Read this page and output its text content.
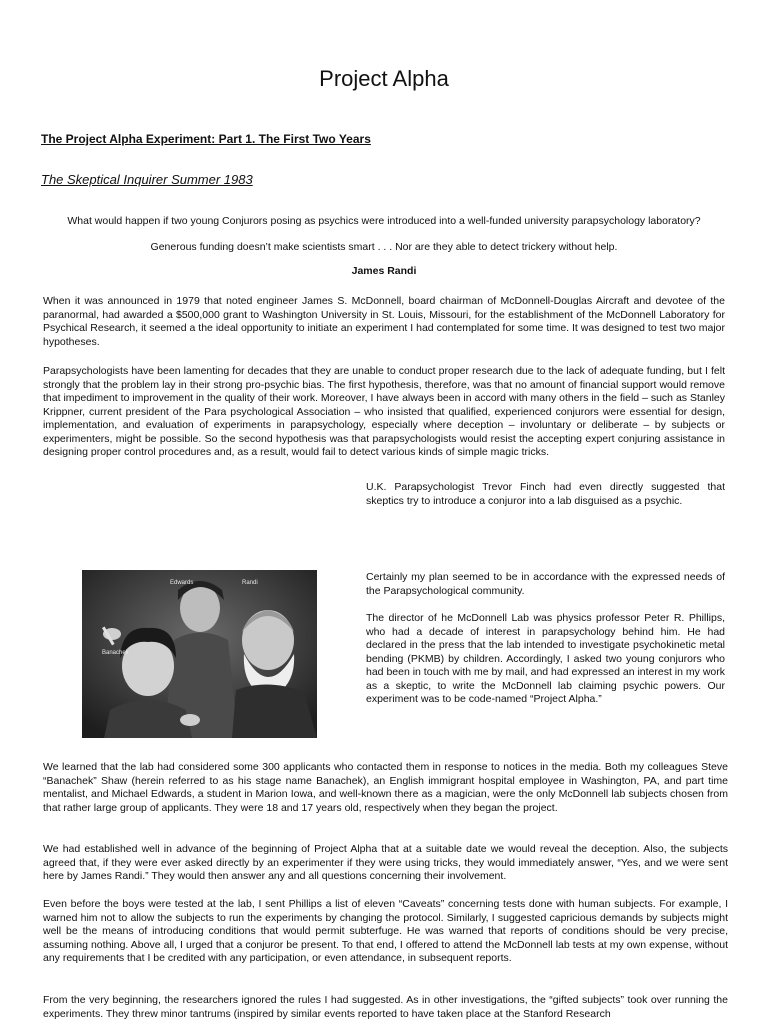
Project Alpha
The Project Alpha Experiment: Part 1. The First Two Years
The Skeptical Inquirer Summer 1983
What would happen if two young Conjurors posing as psychics were introduced into a well-funded university parapsychology laboratory?
Generous funding doesn’t make scientists smart . . . Nor are they able to detect trickery without help.
James Randi

When it was announced in 1979 that noted engineer James S. McDonnell, board chairman of McDonnell-Douglas Aircraft and devotee of the paranormal, had awarded a $500,000 grant to Washington University in St. Louis, Missouri, for the establishment of the McDonnell Laboratory for Psychical Research, it seemed a the ideal opportunity to initiate an experiment I had contemplated for some time. It was designed to test two major hypotheses.

Parapsychologists have been lamenting for decades that they are unable to conduct proper research due to the lack of adequate funding, but I felt strongly that the problem lay in their strong pro-psychic bias. The first hypothesis, therefore, was that no amount of financial support would remove that impediment to improvement in the quality of their work. Moreover, I have always been in accord with many others in the field – such as Stanley Krippner, current president of the Para psychological Association – who insisted that qualified, experienced conjurors were essential for design, implementation, and evaluation of experiments in parapsychology, especially where deception – involuntary or deliberate – by subjects or experimenters, might be possible. So the second hypothesis was that parapsychologists would resist the accepting expert conjuring assistance in designing proper control procedures and, as a result, would fail to detect various kinds of simple magic tricks.

U.K. Parapsychologist Trevor Finch had even directly suggested that skeptics try to introduce a conjuror into a lab disguised as a psychic.

Edwards	Randi
Banachek

Certainly my plan seemed to be in accordance with the expressed needs of the Parapsychological community.

The director of he McDonnell Lab was physics professor Peter R. Phillips, who had a decade of interest in parapsychology behind him. He had declared in the press that the lab intended to investigate psychokinetic metal bending (PKMB) by children. Accordingly, I asked two young conjurors who had been in touch with me by mail, and had expressed an interest in my work as a skeptic, to write the McDonnell lab claiming psychic powers. Our experiment was to be code-named “Project Alpha.”

We learned that the lab had considered some 300 applicants who contacted them in response to notices in the media. Both my colleagues Steve “Banachek” Shaw (herein referred to as his stage name Banachek), an English immigrant hospital employee in Washington, PA, and part time mentalist, and Michael Edwards, a student in Marion Iowa, and well-known there as a magician, were the only McDonnell lab subjects chosen from that rather large group of applicants. They were 18 and 17 years old, respectively when they began the project.

We had established well in advance of the beginning of Project Alpha that at a suitable date we would reveal the deception. Also, the subjects agreed that, if they were ever asked directly by an experimenter if they were using tricks, they would immediately answer, “Yes, and we were sent here by James Randi.” They would then answer any and all questions concerning their involvement.

Even before the boys were tested at the lab, I sent Phillips a list of eleven “Caveats” concerning tests done with human subjects. For example, I warned him not to allow the subjects to run the experiments by changing the protocol. Similarly, I suggested capricious demands by subjects might well be the means of introducing conditions that would permit subterfuge. He was warned that reports of conditions should be very precise, assuming nothing. Above all, I urged that a conjuror be present. To that end, I offered to attend the McDonnell lab tests at my own expense, without any requirements that I be credited with any participation, or even attendance, in subsequent reports.

From the very beginning, the researchers ignored the rules I had suggested. As in other investigations, the “gifted subjects” took over running the experiments. They threw minor tantrums (inspired by similar events reported to have taken place at the Stanford Research
